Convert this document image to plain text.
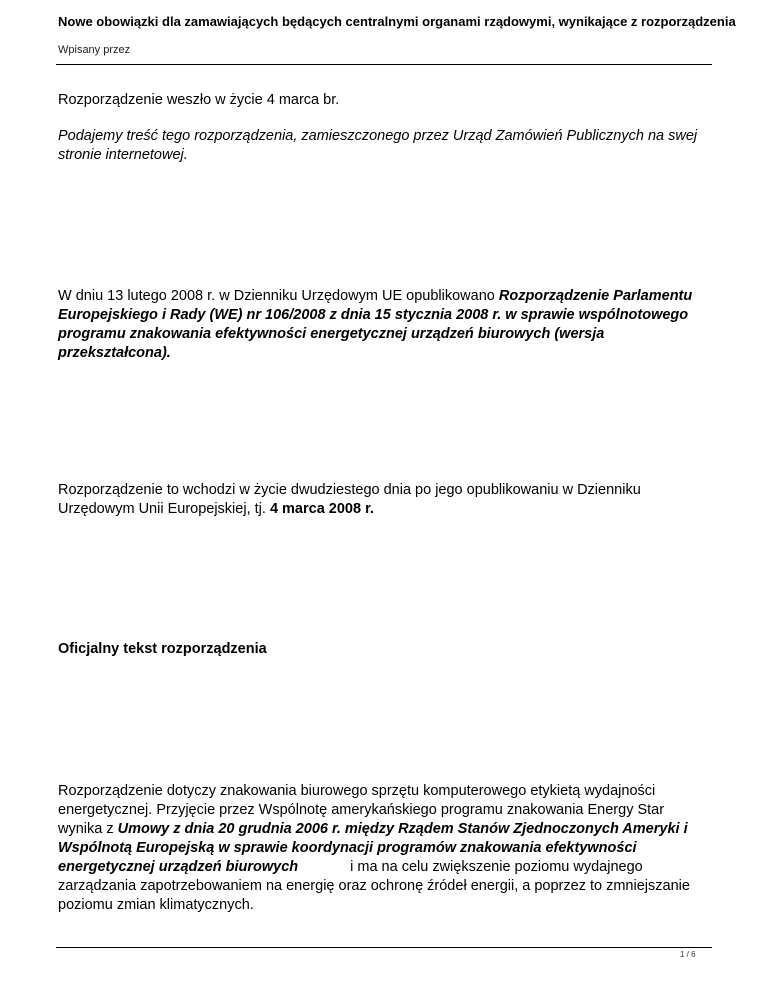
Nowe obowiązki dla zamawiających będących centralnymi organami rządowymi, wynikające z rozporządzenia
Wpisany przez
Rozporządzenie weszło w życie 4 marca br.
Podajemy treść tego rozporządzenia, zamieszczonego przez Urząd Zamówień Publicznych na swej stronie internetowej.
W dniu 13 lutego 2008 r. w Dzienniku Urzędowym UE opublikowano Rozporządzenie Parlamentu Europejskiego i Rady (WE) nr 106/2008 z dnia 15 stycznia 2008 r. w sprawie wspólnotowego programu znakowania efektywności energetycznej urządzeń biurowych (wersja przekształcona).
Rozporządzenie to wchodzi w życie dwudziestego dnia po jego opublikowaniu w Dzienniku Urzędowym Unii Europejskiej, tj. 4 marca 2008 r.
Oficjalny tekst rozporządzenia
Rozporządzenie dotyczy znakowania biurowego sprzętu komputerowego etykietą wydajności energetycznej. Przyjęcie przez Wspólnotę amerykańskiego programu znakowania Energy Star wynika z Umowy z dnia 20 grudnia 2006 r. między Rządem Stanów Zjednoczonych Ameryki i Wspólnotą Europejską w sprawie koordynacji programów znakowania efektywności energetycznej urządzeń biurowych	i ma na celu zwiększenie poziomu wydajnego zarządzania zapotrzebowaniem na energię oraz ochronę źródeł energii, a poprzez to zmniejszanie poziomu zmian klimatycznych.
1 / 6
